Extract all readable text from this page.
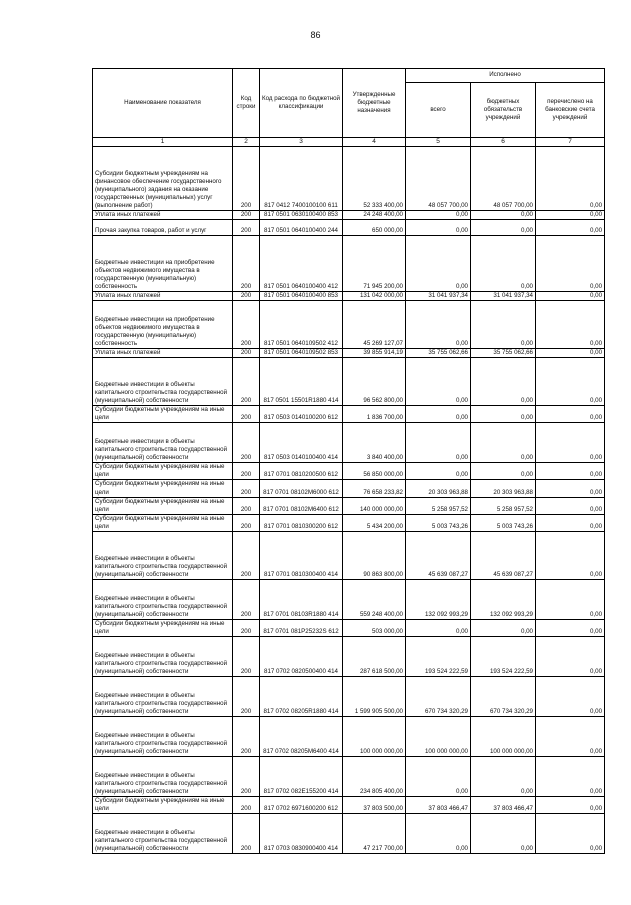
86
Наименование показателя	Код строки	Код расхода по бюджетной классификации	Утвержденные бюджетные назначения	Исполнено		
				всего	бюджетных обязательств учреждений	перечислено на банковские счета учреждений
1	2	3	4	5	6	7
Субсидии бюджетным учреждениям на финансовое обеспечение государственного (муниципального) задания на оказание государственных (муниципальных) услуг (выполнение работ)	200	817 0412 7400100100 611	52 333 400,00	48 057 700,00	48 057 700,00	0,00
Уплата иных платежей	200	817 0501 0630100400 853	24 248 400,00	0,00	0,00	0,00
Прочая закупка товаров, работ и услуг	200	817 0501 0640100400 244	650 000,00	0,00	0,00	0,00
Бюджетные инвестиции на приобретение объектов недвижимого имущества в государственную (муниципальную) собственность	200	817 0501 0640100400 412	71 945 200,00	0,00	0,00	0,00
Уплата иных платежей	200	817 0501 0640100400 853	131 042 000,00	31 041 937,34	31 041 937,34	0,00
Бюджетные инвестиции на приобретение объектов недвижимого имущества в государственную (муниципальную) собственность	200	817 0501 0640109502 412	45 269 127,07	0,00	0,00	0,00
Уплата иных платежей	200	817 0501 0640109502 853	39 855 914,19	35 755 062,66	35 755 062,66	0,00
Бюджетные инвестиции в объекты капитального строительства государственной (муниципальной) собственности	200	817 0501 15501R1880 414	96 562 800,00	0,00	0,00	0,00
Субсидии бюджетным учреждениям на иные цели	200	817 0503 0140100200 612	1 836 700,00	0,00	0,00	0,00
Бюджетные инвестиции в объекты капитального строительства государственной (муниципальной) собственности	200	817 0503 0140100400 414	3 840 400,00	0,00	0,00	0,00
Субсидии бюджетным учреждениям на иные цели	200	817 0701 0810200500 612	56 850 000,00	0,00	0,00	0,00
Субсидии бюджетным учреждениям на иные цели	200	817 0701 08102M6000 612	76 658 233,82	20 303 963,88	20 303 963,88	0,00
Субсидии бюджетным учреждениям на иные цели	200	817 0701 08102M6400 612	140 000 000,00	5 258 957,52	5 258 957,52	0,00
Субсидии бюджетным учреждениям на иные цели	200	817 0701 0810300200 612	5 434 200,00	5 003 743,26	5 003 743,26	0,00
Бюджетные инвестиции в объекты капитального строительства государственной (муниципальной) собственности	200	817 0701 0810300400 414	90 863 800,00	45 639 087,27	45 639 087,27	0,00
Бюджетные инвестиции в объекты капитального строительства государственной (муниципальной) собственности	200	817 0701 08103R1880 414	559 248 400,00	132 092 993,29	132 092 993,29	0,00
Субсидии бюджетным учреждениям на иные цели	200	817 0701 081P25232S 612	503 000,00	0,00	0,00	0,00
Бюджетные инвестиции в объекты капитального строительства государственной (муниципальной) собственности	200	817 0702 0820500400 414	287 618 500,00	193 524 222,59	193 524 222,59	0,00
Бюджетные инвестиции в объекты капитального строительства государственной (муниципальной) собственности	200	817 0702 08205R1880 414	1 599 905 500,00	670 734 320,29	670 734 320,29	0,00
Бюджетные инвестиции в объекты капитального строительства государственной (муниципальной) собственности	200	817 0702 08205M6400 414	100 000 000,00	100 000 000,00	100 000 000,00	0,00
Бюджетные инвестиции в объекты капитального строительства государственной (муниципальной) собственности	200	817 0702 082E155200 414	234 805 400,00	0,00	0,00	0,00
Субсидии бюджетным учреждениям на иные цели	200	817 0702 6971600200 612	37 803 500,00	37 803 466,47	37 803 466,47	0,00
Бюджетные инвестиции в объекты капитального строительства государственной (муниципальной) собственности	200	817 0703 0830900400 414	47 217 700,00	0,00	0,00	0,00
